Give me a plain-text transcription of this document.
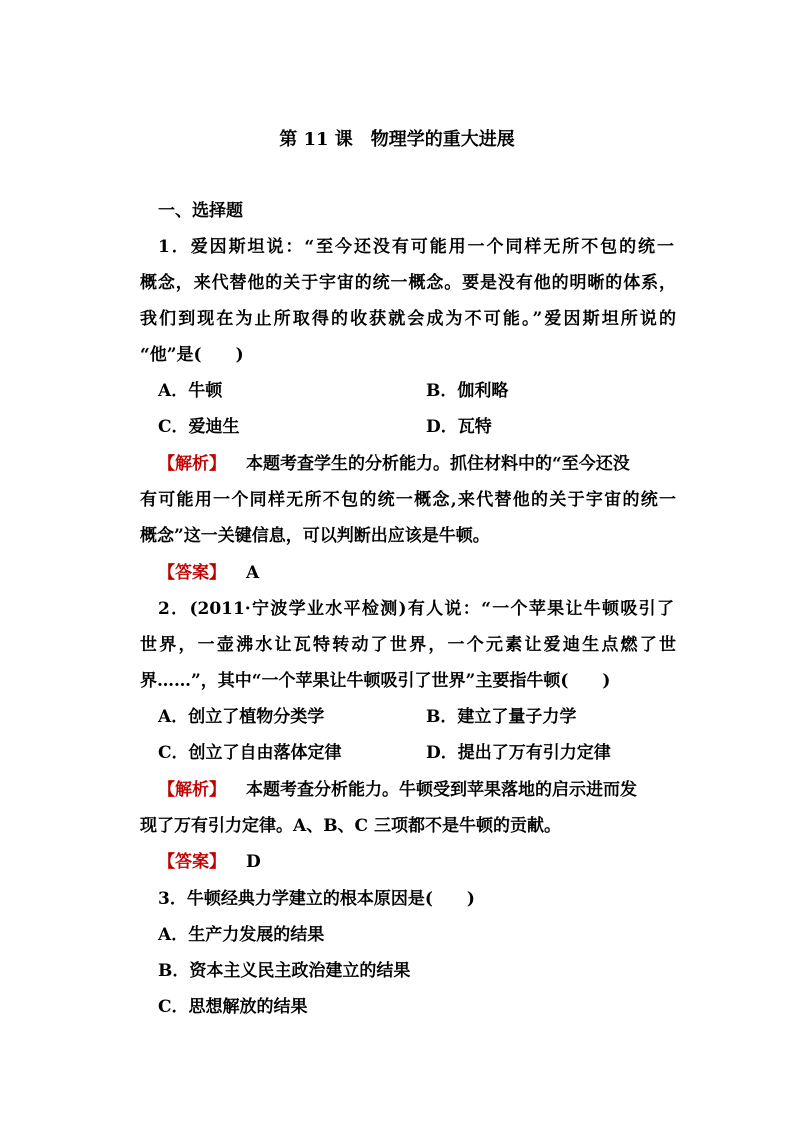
第 11 课　物理学的重大进展
一、选择题
1．爱因斯坦说：“至今还没有可能用一个同样无所不包的统一
概念，来代替他的关于宇宙的统一概念。要是没有他的明晰的体系，
我们到现在为止所取得的收获就会成为不可能。”爱因斯坦所说的
“他”是(　　)
A．牛顿	B．伽利略
C．爱迪生	D．瓦特
【解析】 本题考查学生的分析能力。抓住材料中的“至今还没
有可能用一个同样无所不包的统一概念,来代替他的关于宇宙的统一
概念”这一关键信息，可以判断出应该是牛顿。
【答案】 A
2．(2011·宁波学业水平检测)有人说：“一个苹果让牛顿吸引了
世界，一壶沸水让瓦特转动了世界，一个元素让爱迪生点燃了世
界……”，其中“一个苹果让牛顿吸引了世界”主要指牛顿(　　)
A．创立了植物分类学	B．建立了量子力学
C．创立了自由落体定律	D．提出了万有引力定律
【解析】 本题考查分析能力。牛顿受到苹果落地的启示进而发
现了万有引力定律。A、B、C 三项都不是牛顿的贡献。
【答案】 D
3．牛顿经典力学建立的根本原因是(　　)
A．生产力发展的结果
B．资本主义民主政治建立的结果
C．思想解放的结果
